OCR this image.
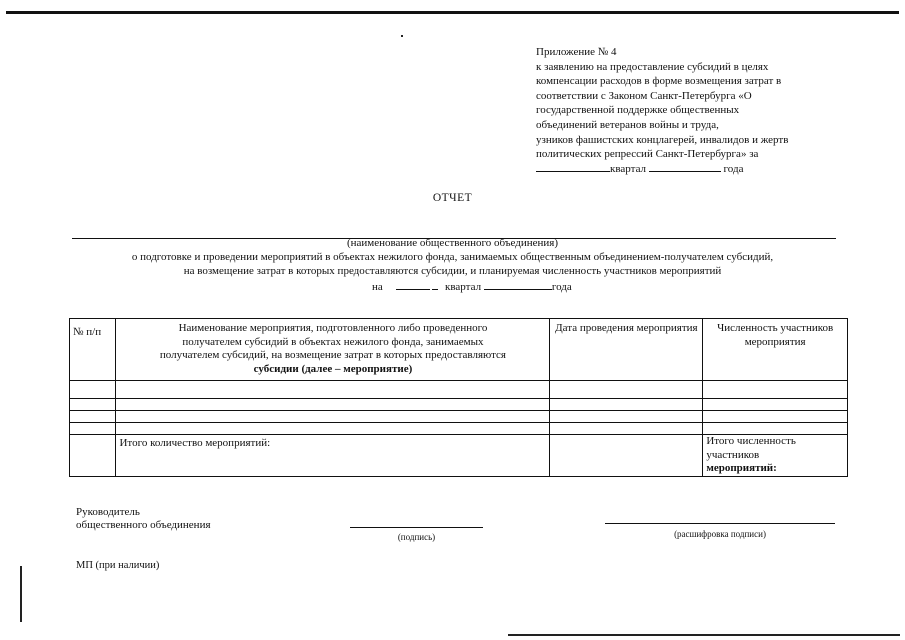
Приложение № 4
к заявлению на предоставление субсидий в целях
компенсации расходов в форме возмещения затрат в
соответствии с Законом Санкт-Петербурга «О
государственной поддержке общественных
объединений ветеранов войны и труда,
узников фашистских концлагерей, инвалидов и жертв
политических репрессий Санкт-Петербурга» за
квартал	года
ОТЧЕТ
(наименование общественного объединения)
о подготовке и проведении мероприятий в объектах нежилого фонда, занимаемых общественным объединением-получателем субсидий,
на возмещение затрат в которых предоставляются субсидии, и планируемая численность участников мероприятий
на	квартал	года
№ п/п	Наименование мероприятия, подготовленного либо проведенного
получателем субсидий в объектах нежилого фонда, занимаемых
получателем субсидий, на возмещение затрат в которых предоставляются
субсидии (далее – мероприятие)	Дата проведения мероприятия	Численность участников мероприятия

	Итого количество мероприятий:		Итого численность
участников
мероприятий:
Руководитель
общественного объединения
(подпись)	(расшифровка подписи)
МП (при наличии)
